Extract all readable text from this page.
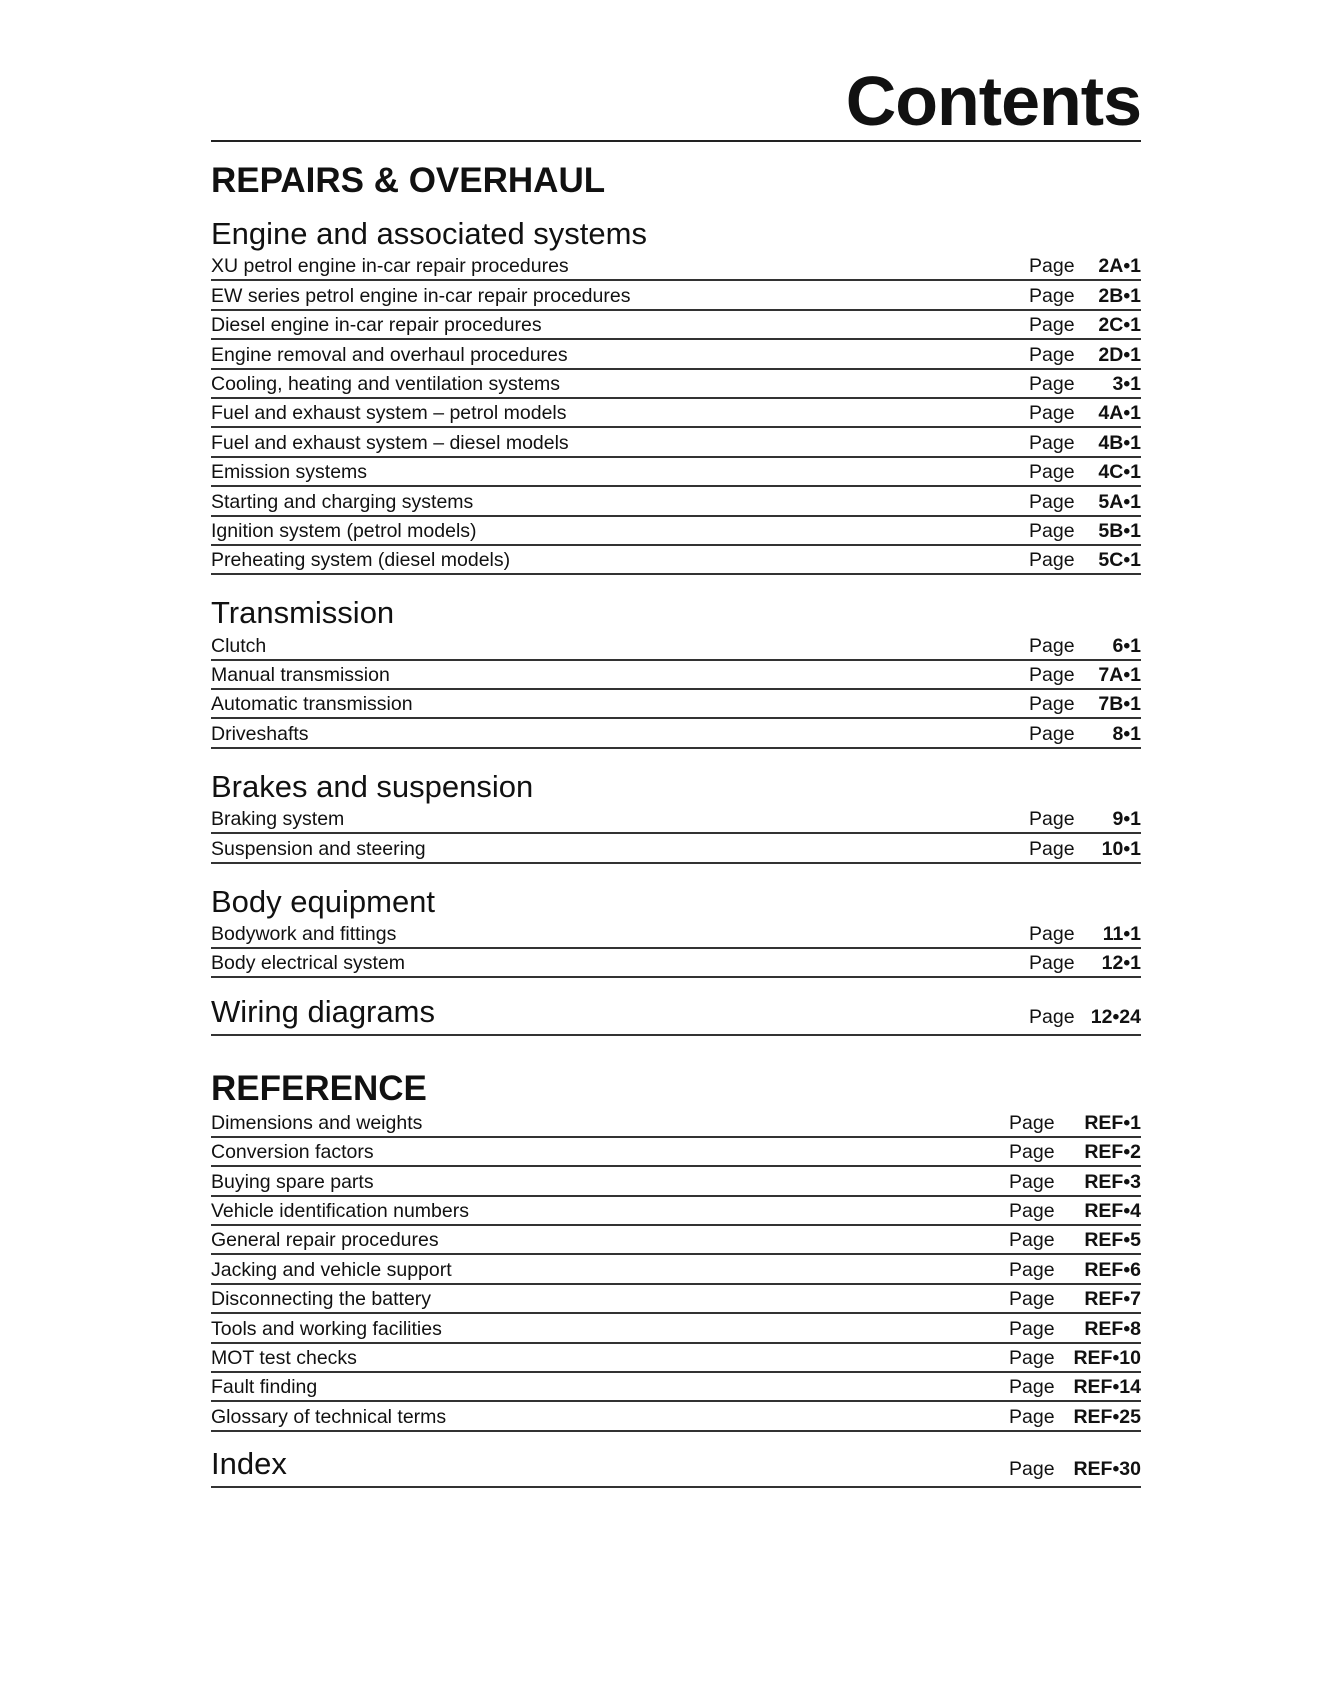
Contents
REPAIRS & OVERHAUL
Engine and associated systems
XU petrol engine in-car repair procedures	Page	2A•1
EW series petrol engine in-car repair procedures	Page	2B•1
Diesel engine in-car repair procedures	Page	2C•1
Engine removal and overhaul procedures	Page	2D•1
Cooling, heating and ventilation systems	Page	3•1
Fuel and exhaust system – petrol models	Page	4A•1
Fuel and exhaust system – diesel models	Page	4B•1
Emission systems	Page	4C•1
Starting and charging systems	Page	5A•1
Ignition system (petrol models)	Page	5B•1
Preheating system (diesel models)	Page	5C•1
Transmission
Clutch	Page	6•1
Manual transmission	Page	7A•1
Automatic transmission	Page	7B•1
Driveshafts	Page	8•1
Brakes and suspension
Braking system	Page	9•1
Suspension and steering	Page	10•1
Body equipment
Bodywork and fittings	Page	11•1
Body electrical system	Page	12•1
Wiring diagrams	Page 12•24
REFERENCE
Dimensions and weights	Page	REF•1
Conversion factors	Page	REF•2
Buying spare parts	Page	REF•3
Vehicle identification numbers	Page	REF•4
General repair procedures	Page	REF•5
Jacking and vehicle support	Page	REF•6
Disconnecting the battery	Page	REF•7
Tools and working facilities	Page	REF•8
MOT test checks	Page REF•10
Fault finding	Page REF•14
Glossary of technical terms	Page REF•25
Index	Page REF•30
